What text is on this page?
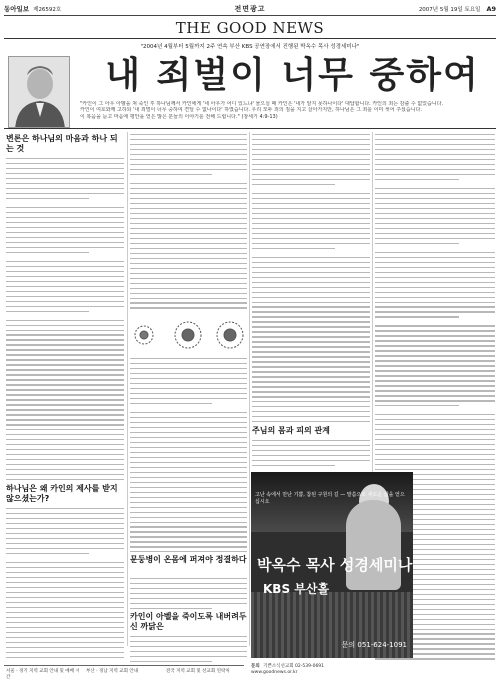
동아일보 제26592호	전면광고	2007년 5월 19일 토요일 A9
THE GOOD NEWS
"2004년 4월부터 5월까지 2주 연속 부산 KBS 공연장에서 진행된 박옥수 목사 성경세미나"
내 죄벌이 너무 중하여
"카인이 그 아우 아벨을 쳐 죽인 후 하나님께서 카인에게 '네 아우가 어디 있느냐' 물으실 때 카인은 '내가 알지 못하나이다' 대답합니다. 카인의 죄는 감출 수 없었습니다.
카인이 여호와께 고하되 '내 죄벌이 너무 중하여 견딜 수 없나이다' 하였습니다. 우리 모두 죄의 짐을 지고 살아가지만, 하나님은 그 죄를 이미 씻어 주셨습니다.
이 복음을 듣고 마음에 평안을 얻은 많은 분들의 이야기를 전해 드립니다." (창세기 4:9-13)
변론은 하나님의 마음과 하나 되는 것
하나님은 왜 카인의 제사를 받지 않으셨는가?
주님의 몸과 피의 관계
문둥병이 온몸에 퍼져야 정결하다
카인이 아벨을 죽이도록 내버려두신 까닭은
고난 속에서 만난 기쁨, 참된 구원의 길 — 말씀으로 새로운 삶을 얻으십시오
박옥수 목사 성경세미나
KBS 부산홀
문의 051-624-1091
문의 기쁜소식선교회 02-539-0691
www.goodnews.or.kr
서울 · 경기 지역 교회 안내 및 예배 시간
부산 · 경남 지역 교회 안내	전국 지역 교회 및 선교회 연락처
